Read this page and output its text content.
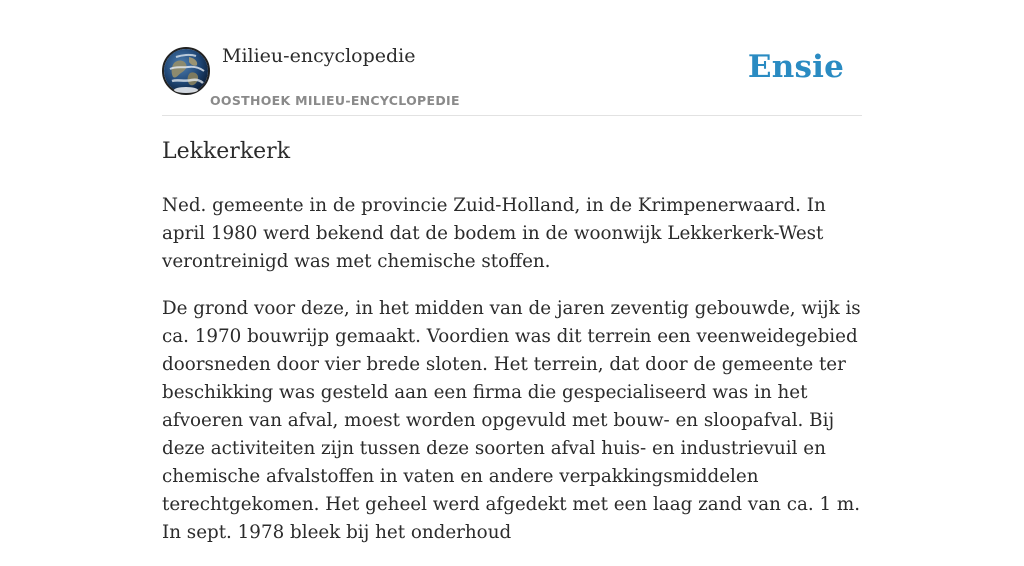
Milieu-encyclopedie
OOSTHOEK MILIEU-ENCYCLOPEDIE
Ensie
Lekkerkerk

Ned. gemeente in de provincie Zuid-Holland, in de Krimpenerwaard. In april 1980 werd bekend dat de bodem in de woonwijk Lekkerkerk-West verontreinigd was met chemische stoffen.

De grond voor deze, in het midden van de jaren zeventig gebouwde, wijk is ca. 1970 bouwrijp gemaakt. Voordien was dit terrein een veenweidegebied doorsneden door vier brede sloten. Het terrein, dat door de gemeente ter beschikking was gesteld aan een firma die gespecialiseerd was in het afvoeren van afval, moest worden opgevuld met bouw- en sloopafval. Bij deze activiteiten zijn tussen deze soorten afval huis- en industrievuil en chemische afvalstoffen in vaten en andere verpakkingsmiddelen terechtgekomen. Het geheel werd afgedekt met een laag zand van ca. 1 m. In sept. 1978 bleek bij het onderhoud
